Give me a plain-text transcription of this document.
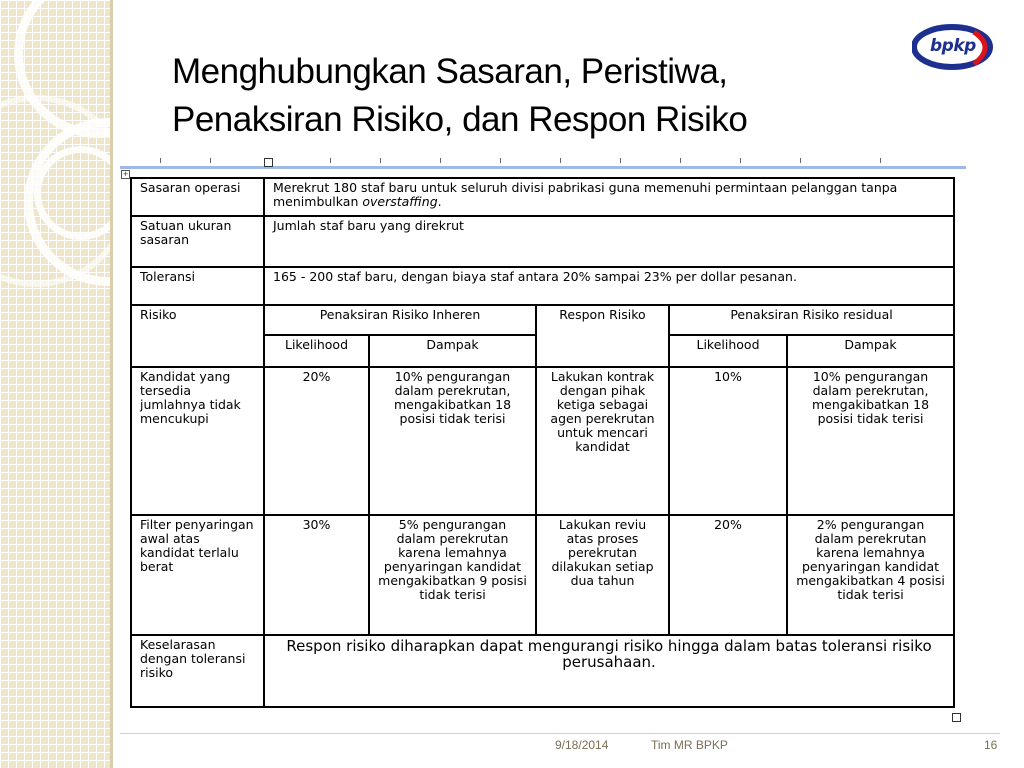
Menghubungkan Sasaran, Peristiwa,
Penaksiran Risiko, dan Respon Risiko
bpkp
+
Sasaran operasi	Merekrut 180 staf baru untuk seluruh divisi pabrikasi guna memenuhi permintaan pelanggan tanpa menimbulkan overstaffing.				
Satuan ukuran sasaran	Jumlah staf baru yang direkrut				
Toleransi	165 - 200 staf baru, dengan biaya staf antara 20% sampai 23% per dollar pesanan.				
Risiko	Penaksiran Risiko Inheren		Respon Risiko	Penaksiran Risiko residual	
	Likelihood	Dampak		Likelihood	Dampak
Kandidat yang tersedia jumlahnya tidak mencukupi	20%	10% pengurangan dalam perekrutan, mengakibatkan 18 posisi tidak terisi	Lakukan kontrak dengan pihak ketiga sebagai agen perekrutan untuk mencari kandidat	10%	10% pengurangan dalam perekrutan, mengakibatkan 18 posisi tidak terisi
Filter penyaringan awal atas kandidat terlalu berat	30%	5% pengurangan dalam perekrutan karena lemahnya penyaringan kandidat mengakibatkan 9 posisi tidak terisi	Lakukan reviu atas proses perekrutan dilakukan setiap dua tahun	20%	2% pengurangan dalam perekrutan karena lemahnya penyaringan kandidat mengakibatkan 4 posisi tidak terisi
Keselarasan dengan toleransi risiko	Respon risiko diharapkan dapat mengurangi risiko hingga dalam batas toleransi risiko perusahaan.				
9/18/2014	Tim MR BPKP	16
